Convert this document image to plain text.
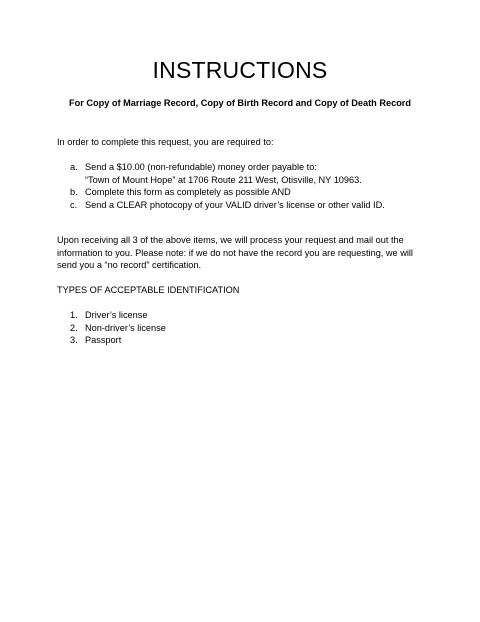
INSTRUCTIONS
For Copy of Marriage Record, Copy of Birth Record and Copy of Death Record
In order to complete this request, you are required to:
a. Send a $10.00 (non-refundable) money order payable to:
“Town of Mount Hope” at 1706 Route 211 West, Otisville, NY 10963.
b. Complete this form as completely as possible AND
c. Send a CLEAR photocopy of your VALID driver’s license or other valid ID.
Upon receiving all 3 of the above items, we will process your request and mail out the
information to you. Please note: if we do not have the record you are requesting, we will
send you a “no record” certification.
TYPES OF ACCEPTABLE IDENTIFICATION
1. Driver’s license
2. Non-driver’s license
3. Passport
